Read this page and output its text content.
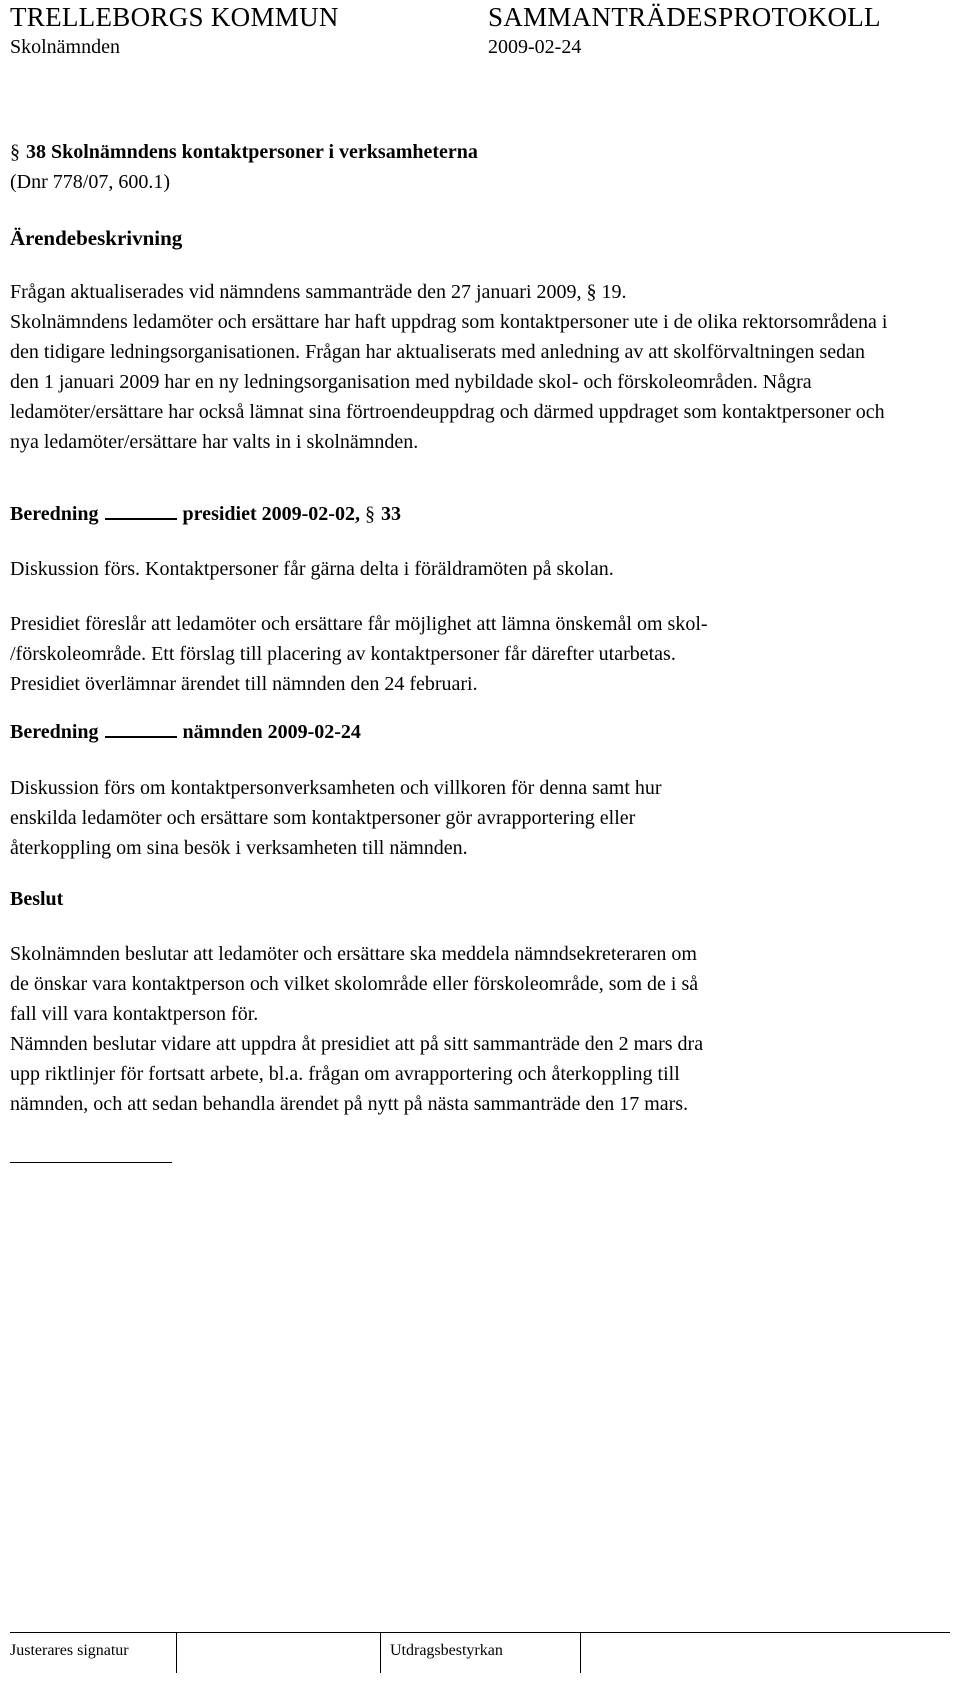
TRELLEBORGS KOMMUN	SAMMANTRÄDESPROTOKOLL
Skolnämnden	2009-02-24

§ 38 Skolnämndens kontaktpersoner i verksamheterna

(Dnr 778/07, 600.1)

Ärendebeskrivning

Frågan aktualiserades vid nämndens sammanträde den 27 januari 2009, § 19.

Skolnämndens ledamöter och ersättare har haft uppdrag som kontaktpersoner ute i de olika rektorsområdena i den tidigare ledningsorganisationen. Frågan har aktualiserats med anledning av att skolförvaltningen sedan den 1 januari 2009 har en ny ledningsorganisation med nybildade skol- och förskoleområden. Några ledamöter/ersättare har också lämnat sina förtroendeuppdrag och därmed uppdraget som kontaktpersoner och nya ledamöter/ersättare har valts in i skolnämnden.

Beredning	presidiet 2009-02-02, § 33

Diskussion förs. Kontaktpersoner får gärna delta i föräldramöten på skolan.

Presidiet föreslår att ledamöter och ersättare får möjlighet att lämna önskemål om skol-

/förskoleområde. Ett förslag till placering av kontaktpersoner får därefter utarbetas.

Presidiet överlämnar ärendet till nämnden den 24 februari.

Beredning	nämnden 2009-02-24

Diskussion förs om kontaktpersonverksamheten och villkoren för denna samt hur

enskilda ledamöter och ersättare som kontaktpersoner gör avrapportering eller

återkoppling om sina besök i verksamheten till nämnden.

Beslut

Skolnämnden beslutar att ledamöter och ersättare ska meddela nämndsekreteraren om

de önskar vara kontaktperson och vilket skolområde eller förskoleområde, som de i så

fall vill vara kontaktperson för.

Nämnden beslutar vidare att uppdra åt presidiet att på sitt sammanträde den 2 mars dra

upp riktlinjer för fortsatt arbete, bl.a. frågan om avrapportering och återkoppling till

nämnden, och att sedan behandla ärendet på nytt på nästa sammanträde den 17 mars.

Justerares signatur	Utdragsbestyrkan
